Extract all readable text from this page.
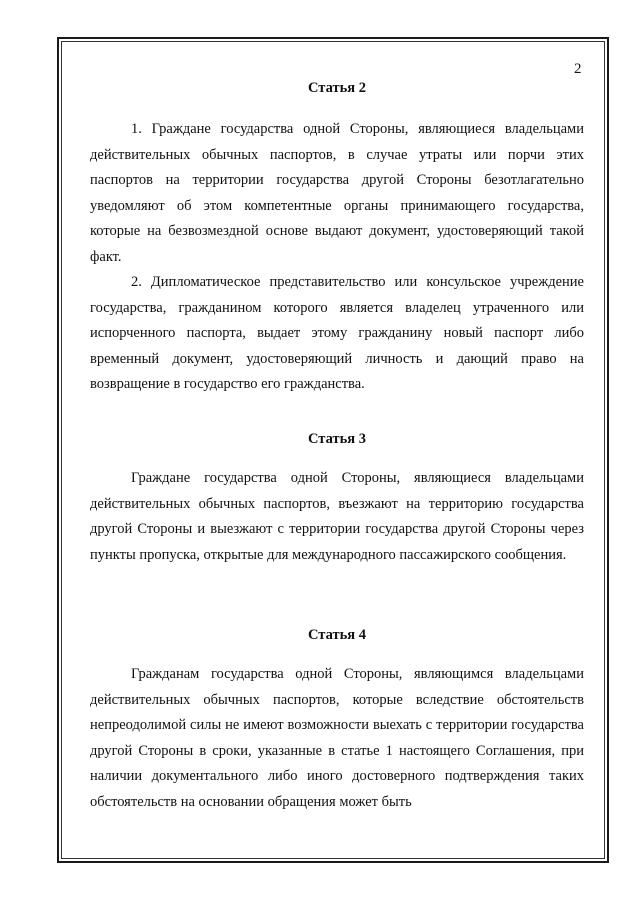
2
Статья 2

1. Граждане государства одной Стороны, являющиеся владельцами действительных обычных паспортов, в случае утраты или порчи этих паспортов на территории государства другой Стороны безотлагательно уведомляют об этом компетентные органы принимающего государства, которые на безвозмездной основе выдают документ, удостоверяющий такой факт.

2. Дипломатическое представительство или консульское учреждение государства, гражданином которого является владелец утраченного или испорченного паспорта, выдает этому гражданину новый паспорт либо временный документ, удостоверяющий личность и дающий право на возвращение в государство его гражданства.

Статья 3

Граждане государства одной Стороны, являющиеся владельцами действительных обычных паспортов, въезжают на территорию государства другой Стороны и выезжают с территории государства другой Стороны через пункты пропуска, открытые для международного пассажирского сообщения.

Статья 4

Гражданам государства одной Стороны, являющимся владельцами действительных обычных паспортов, которые вследствие обстоятельств непреодолимой силы не имеют возможности выехать с территории государства другой Стороны в сроки, указанные в статье 1 настоящего Соглашения, при наличии документального либо иного достоверного подтверждения таких обстоятельств на основании обращения может быть
